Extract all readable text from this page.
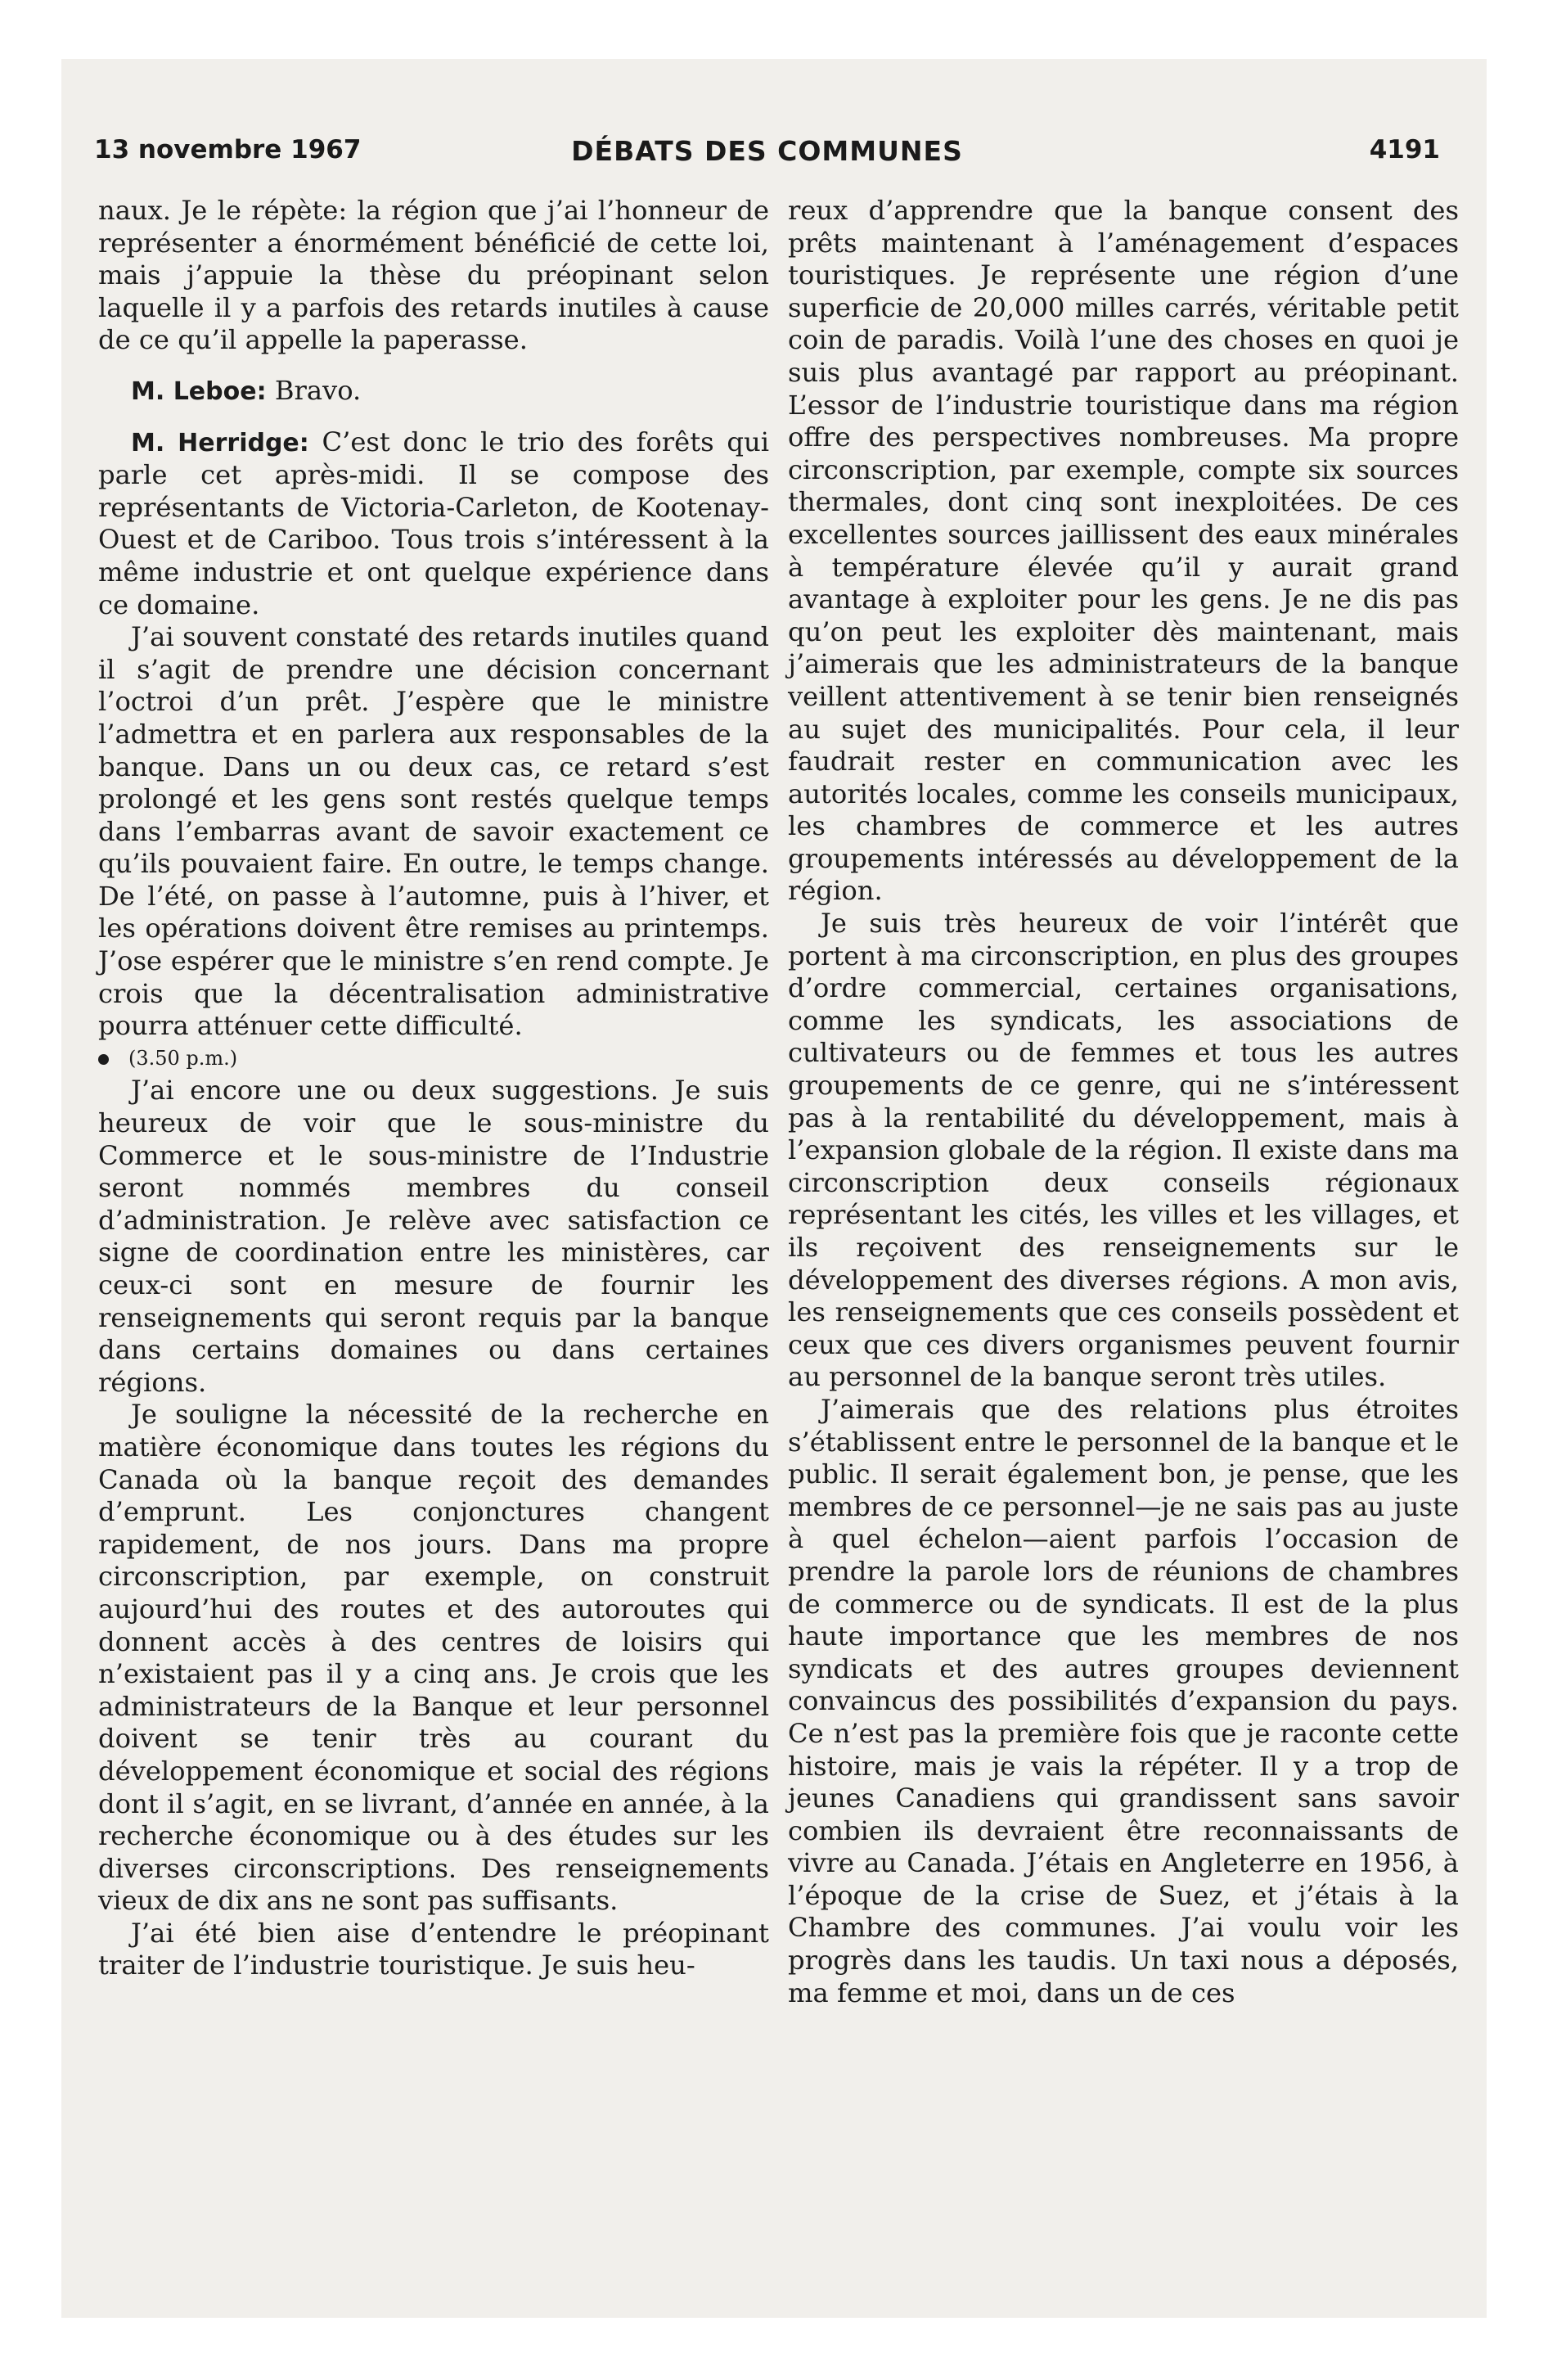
13 novembre 1967	DÉBATS DES COMMUNES	4191

naux. Je le répète: la région que j’ai l’honneur de représenter a énormément bénéficié de cette loi, mais j’appuie la thèse du préopinant selon laquelle il y a parfois des retards inutiles à cause de ce qu’il appelle la paperasse.

M. Leboe: Bravo.

M. Herridge: C’est donc le trio des forêts qui parle cet après-midi. Il se compose des représentants de Victoria-Carleton, de Kootenay-Ouest et de Cariboo. Tous trois s’intéressent à la même industrie et ont quelque expérience dans ce domaine.

J’ai souvent constaté des retards inutiles quand il s’agit de prendre une décision concernant l’octroi d’un prêt. J’espère que le ministre l’admettra et en parlera aux responsables de la banque. Dans un ou deux cas, ce retard s’est prolongé et les gens sont restés quelque temps dans l’embarras avant de savoir exactement ce qu’ils pouvaient faire. En outre, le temps change. De l’été, on passe à l’automne, puis à l’hiver, et les opérations doivent être remises au printemps. J’ose espérer que le ministre s’en rend compte. Je crois que la décentralisation administrative pourra atténuer cette difficulté.

(3.50 p.m.)

J’ai encore une ou deux suggestions. Je suis heureux de voir que le sous-ministre du Commerce et le sous-ministre de l’Industrie seront nommés membres du conseil d’administration. Je relève avec satisfaction ce signe de coordination entre les ministères, car ceux-ci sont en mesure de fournir les renseignements qui seront requis par la banque dans certains domaines ou dans certaines régions.

Je souligne la nécessité de la recherche en matière économique dans toutes les régions du Canada où la banque reçoit des demandes d’emprunt. Les conjonctures changent rapidement, de nos jours. Dans ma propre circonscription, par exemple, on construit aujourd’hui des routes et des autoroutes qui donnent accès à des centres de loisirs qui n’existaient pas il y a cinq ans. Je crois que les administrateurs de la Banque et leur personnel doivent se tenir très au courant du développement économique et social des régions dont il s’agit, en se livrant, d’année en année, à la recherche économique ou à des études sur les diverses circonscriptions. Des renseignements vieux de dix ans ne sont pas suffisants.

J’ai été bien aise d’entendre le préopinant traiter de l’industrie touristique. Je suis heu-

reux d’apprendre que la banque consent des prêts maintenant à l’aménagement d’espaces touristiques. Je représente une région d’une superficie de 20,000 milles carrés, véritable petit coin de paradis. Voilà l’une des choses en quoi je suis plus avantagé par rapport au préopinant. L’essor de l’industrie touristique dans ma région offre des perspectives nombreuses. Ma propre circonscription, par exemple, compte six sources thermales, dont cinq sont inexploitées. De ces excellentes sources jaillissent des eaux minérales à température élevée qu’il y aurait grand avantage à exploiter pour les gens. Je ne dis pas qu’on peut les exploiter dès maintenant, mais j’aimerais que les administrateurs de la banque veillent attentivement à se tenir bien renseignés au sujet des municipalités. Pour cela, il leur faudrait rester en communication avec les autorités locales, comme les conseils municipaux, les chambres de commerce et les autres groupements intéressés au développement de la région.

Je suis très heureux de voir l’intérêt que portent à ma circonscription, en plus des groupes d’ordre commercial, certaines organisations, comme les syndicats, les associations de cultivateurs ou de femmes et tous les autres groupements de ce genre, qui ne s’intéressent pas à la rentabilité du développement, mais à l’expansion globale de la région. Il existe dans ma circonscription deux conseils régionaux représentant les cités, les villes et les villages, et ils reçoivent des renseignements sur le développement des diverses régions. A mon avis, les renseignements que ces conseils possèdent et ceux que ces divers organismes peuvent fournir au personnel de la banque seront très utiles.

J’aimerais que des relations plus étroites s’établissent entre le personnel de la banque et le public. Il serait également bon, je pense, que les membres de ce personnel—je ne sais pas au juste à quel échelon—aient parfois l’occasion de prendre la parole lors de réunions de chambres de commerce ou de syndicats. Il est de la plus haute importance que les membres de nos syndicats et des autres groupes deviennent convaincus des possibilités d’expansion du pays. Ce n’est pas la première fois que je raconte cette histoire, mais je vais la répéter. Il y a trop de jeunes Canadiens qui grandissent sans savoir combien ils devraient être reconnaissants de vivre au Canada. J’étais en Angleterre en 1956, à l’époque de la crise de Suez, et j’étais à la Chambre des communes. J’ai voulu voir les progrès dans les taudis. Un taxi nous a déposés, ma femme et moi, dans un de ces
